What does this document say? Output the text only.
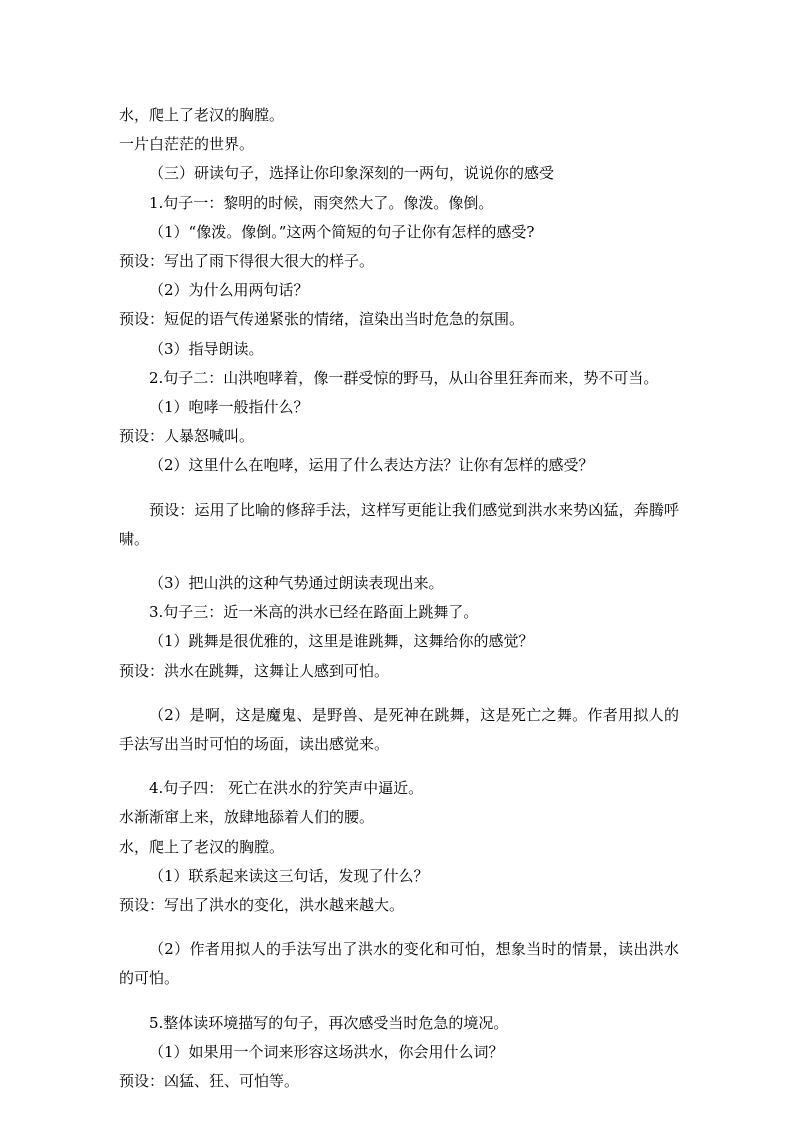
水，爬上了老汉的胸膛。

一片白茫茫的世界。

（三）研读句子，选择让你印象深刻的一两句，说说你的感受

1.句子一：黎明的时候，雨突然大了。像泼。像倒。

（1）“像泼。像倒。”这两个简短的句子让你有怎样的感受?

预设：写出了雨下得很大很大的样子。

（2）为什么用两句话？

预设：短促的语气传递紧张的情绪，渲染出当时危急的氛围。

（3）指导朗读。

2.句子二：山洪咆哮着，像一群受惊的野马，从山谷里狂奔而来，势不可当。

（1）咆哮一般指什么？

预设：人暴怒喊叫。

（2）这里什么在咆哮，运用了什么表达方法？让你有怎样的感受？

预设：运用了比喻的修辞手法，这样写更能让我们感觉到洪水来势凶猛，奔腾呼啸。

（3）把山洪的这种气势通过朗读表现出来。

3.句子三：近一米高的洪水已经在路面上跳舞了。

（1）跳舞是很优雅的，这里是谁跳舞，这舞给你的感觉？

预设：洪水在跳舞，这舞让人感到可怕。

（2）是啊，这是魔鬼、是野兽、是死神在跳舞，这是死亡之舞。作者用拟人的手法写出当时可怕的场面，读出感觉来。

4.句子四： 死亡在洪水的狞笑声中逼近。

水渐渐窜上来，放肆地舔着人们的腰。

水，爬上了老汉的胸膛。

（1）联系起来读这三句话，发现了什么？

预设：写出了洪水的变化，洪水越来越大。

（2）作者用拟人的手法写出了洪水的变化和可怕，想象当时的情景，读出洪水的可怕。

5.整体读环境描写的句子，再次感受当时危急的境况。

（1）如果用一个词来形容这场洪水，你会用什么词？

预设：凶猛、狂、可怕等。
